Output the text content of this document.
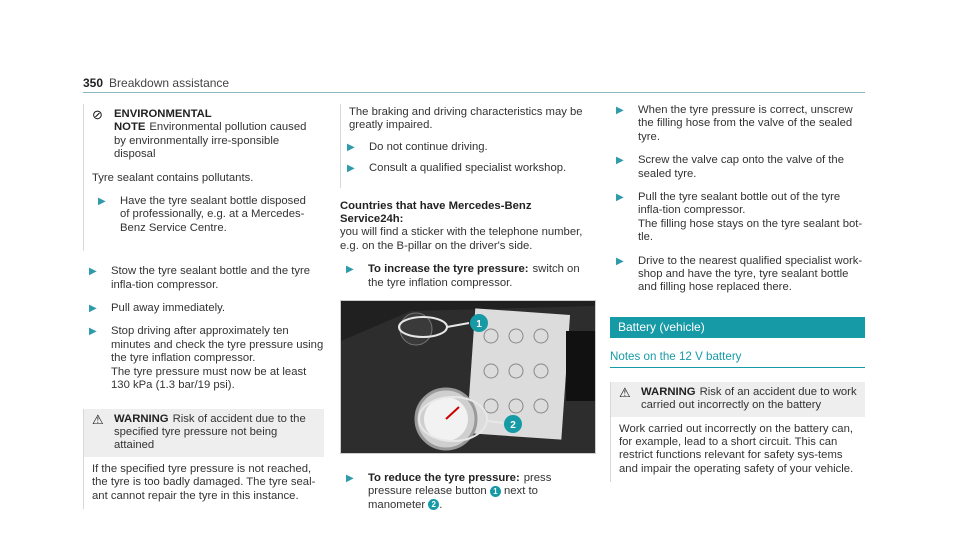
350 Breakdown assistance
⊘ ENVIRONMENTAL NOTE Environmental pollution caused by environmentally irre-sponsible disposal
Tyre sealant contains pollutants.
▶ Have the tyre sealant bottle disposed of professionally, e.g. at a Mercedes-Benz Service Centre.
▶ Stow the tyre sealant bottle and the tyre infla-tion compressor.
▶ Pull away immediately.
▶ Stop driving after approximately ten minutes and check the tyre pressure using the tyre inflation compressor.
The tyre pressure must now be at least 130 kPa (1.3 bar/19 psi).
⚠ WARNING Risk of accident due to the specified tyre pressure not being attained
If the specified tyre pressure is not reached, the tyre is too badly damaged. The tyre seal-ant cannot repair the tyre in this instance.
The braking and driving characteristics may be greatly impaired.
▶ Do not continue driving.
▶ Consult a qualified specialist workshop.
Countries that have Mercedes-Benz Service24h:
you will find a sticker with the telephone number, e.g. on the B-pillar on the driver's side.
▶ To increase the tyre pressure: switch on the tyre inflation compressor.
1
2
▶ To reduce the tyre pressure: press pressure release button 1 next to manometer 2 .
▶ When the tyre pressure is correct, unscrew the filling hose from the valve of the sealed tyre.
▶ Screw the valve cap onto the valve of the sealed tyre.
▶ Pull the tyre sealant bottle out of the tyre infla-tion compressor.
The filling hose stays on the tyre sealant bot-tle.
▶ Drive to the nearest qualified specialist work-shop and have the tyre, tyre sealant bottle and filling hose replaced there.
Battery (vehicle)
Notes on the 12 V battery
⚠ WARNING Risk of an accident due to work carried out incorrectly on the battery
Work carried out incorrectly on the battery can, for example, lead to a short circuit. This can restrict functions relevant for safety sys-tems and impair the operating safety of your vehicle.
